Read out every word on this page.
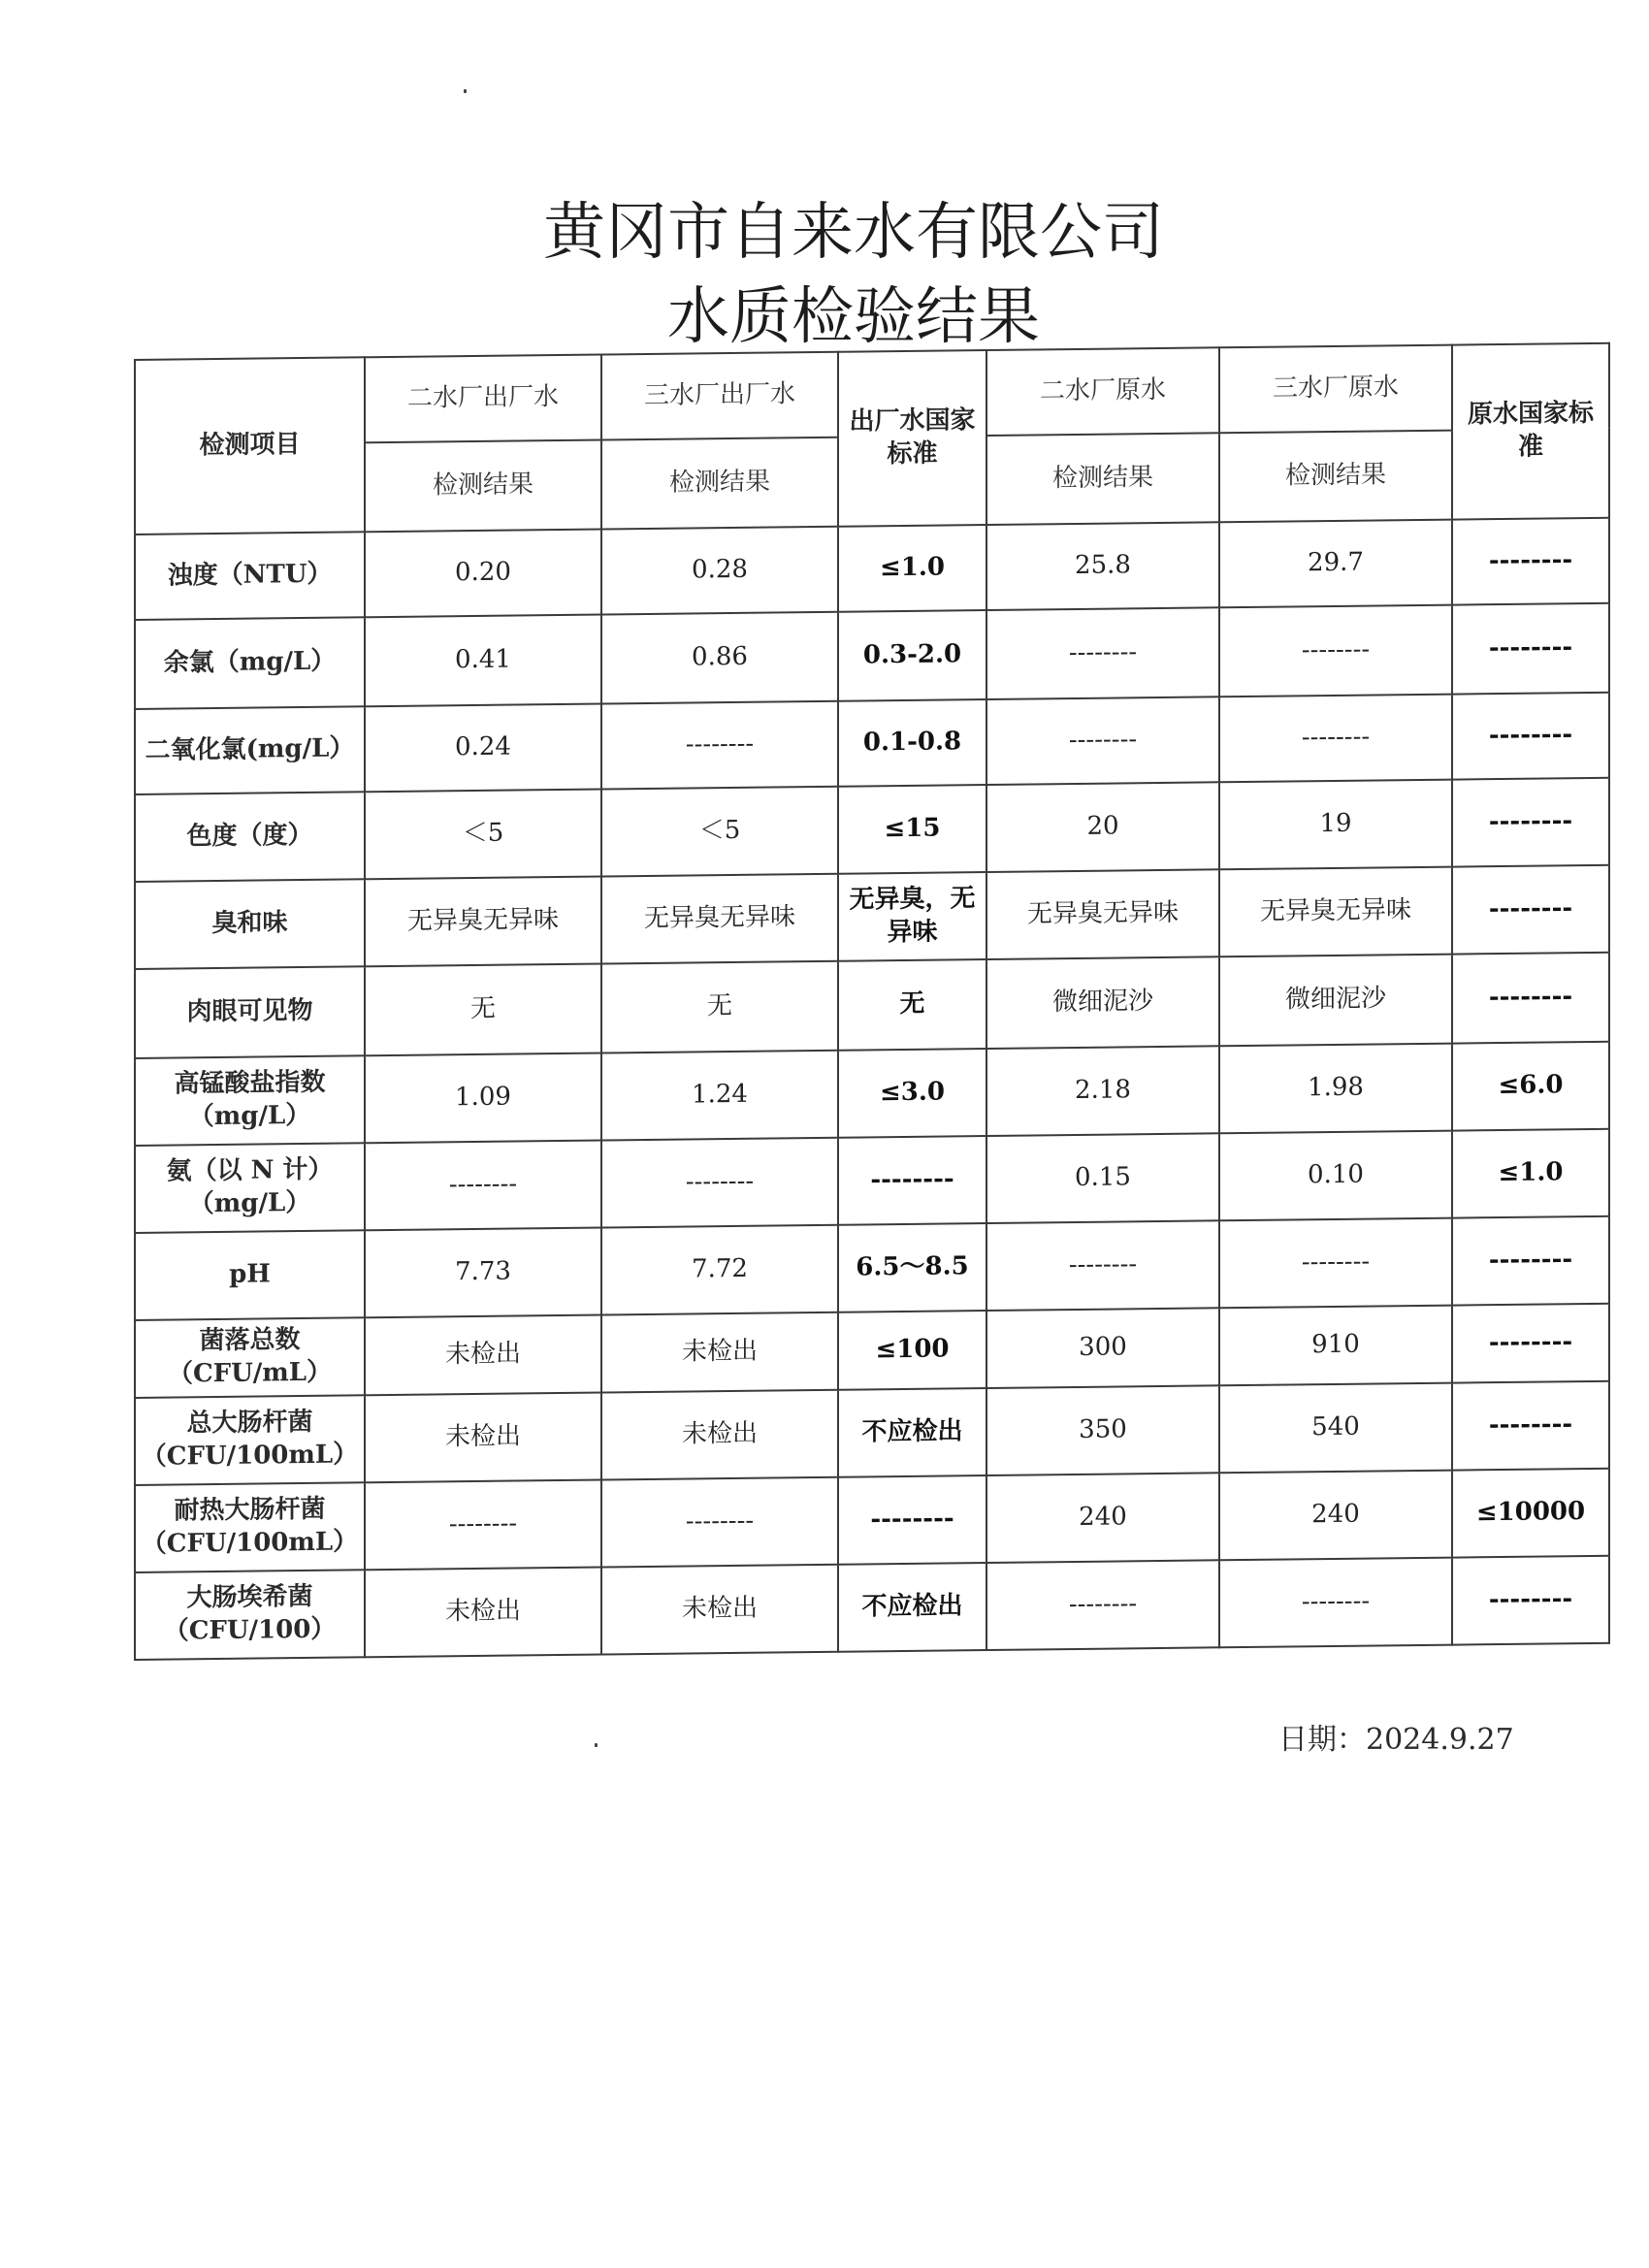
黄冈市自来水有限公司
水质检验结果
检测项目	二水厂出厂水	三水厂出厂水	出厂水国家标准	二水厂原水	三水厂原水	原水国家标准
	检测结果	检测结果		检测结果	检测结果	
浊度（NTU）	0.20	0.28	≤1.0	25.8	29.7	--------
余氯（mg/L）	0.41	0.86	0.3-2.0	--------	--------	--------
二氧化氯(mg/L）	0.24	--------	0.1-0.8	--------	--------	--------
色度（度）	＜5	＜5	≤15	20	19	--------
臭和味	无异臭无异味	无异臭无异味	无异臭，无异味	无异臭无异味	无异臭无异味	--------
肉眼可见物	无	无	无	微细泥沙	微细泥沙	--------
高锰酸盐指数（mg/L）	1.09	1.24	≤3.0	2.18	1.98	≤6.0
氨（以 N 计）（mg/L）	--------	--------	--------	0.15	0.10	≤1.0
pH	7.73	7.72	6.5～8.5	--------	--------	--------
菌落总数（CFU/mL）	未检出	未检出	≤100	300	910	--------
总大肠杆菌（CFU/100mL）	未检出	未检出	不应检出	350	540	--------
耐热大肠杆菌（CFU/100mL）	--------	--------	--------	240	240	≤10000
大肠埃希菌（CFU/100）	未检出	未检出	不应检出	--------	--------	--------
日期：2024.9.27
